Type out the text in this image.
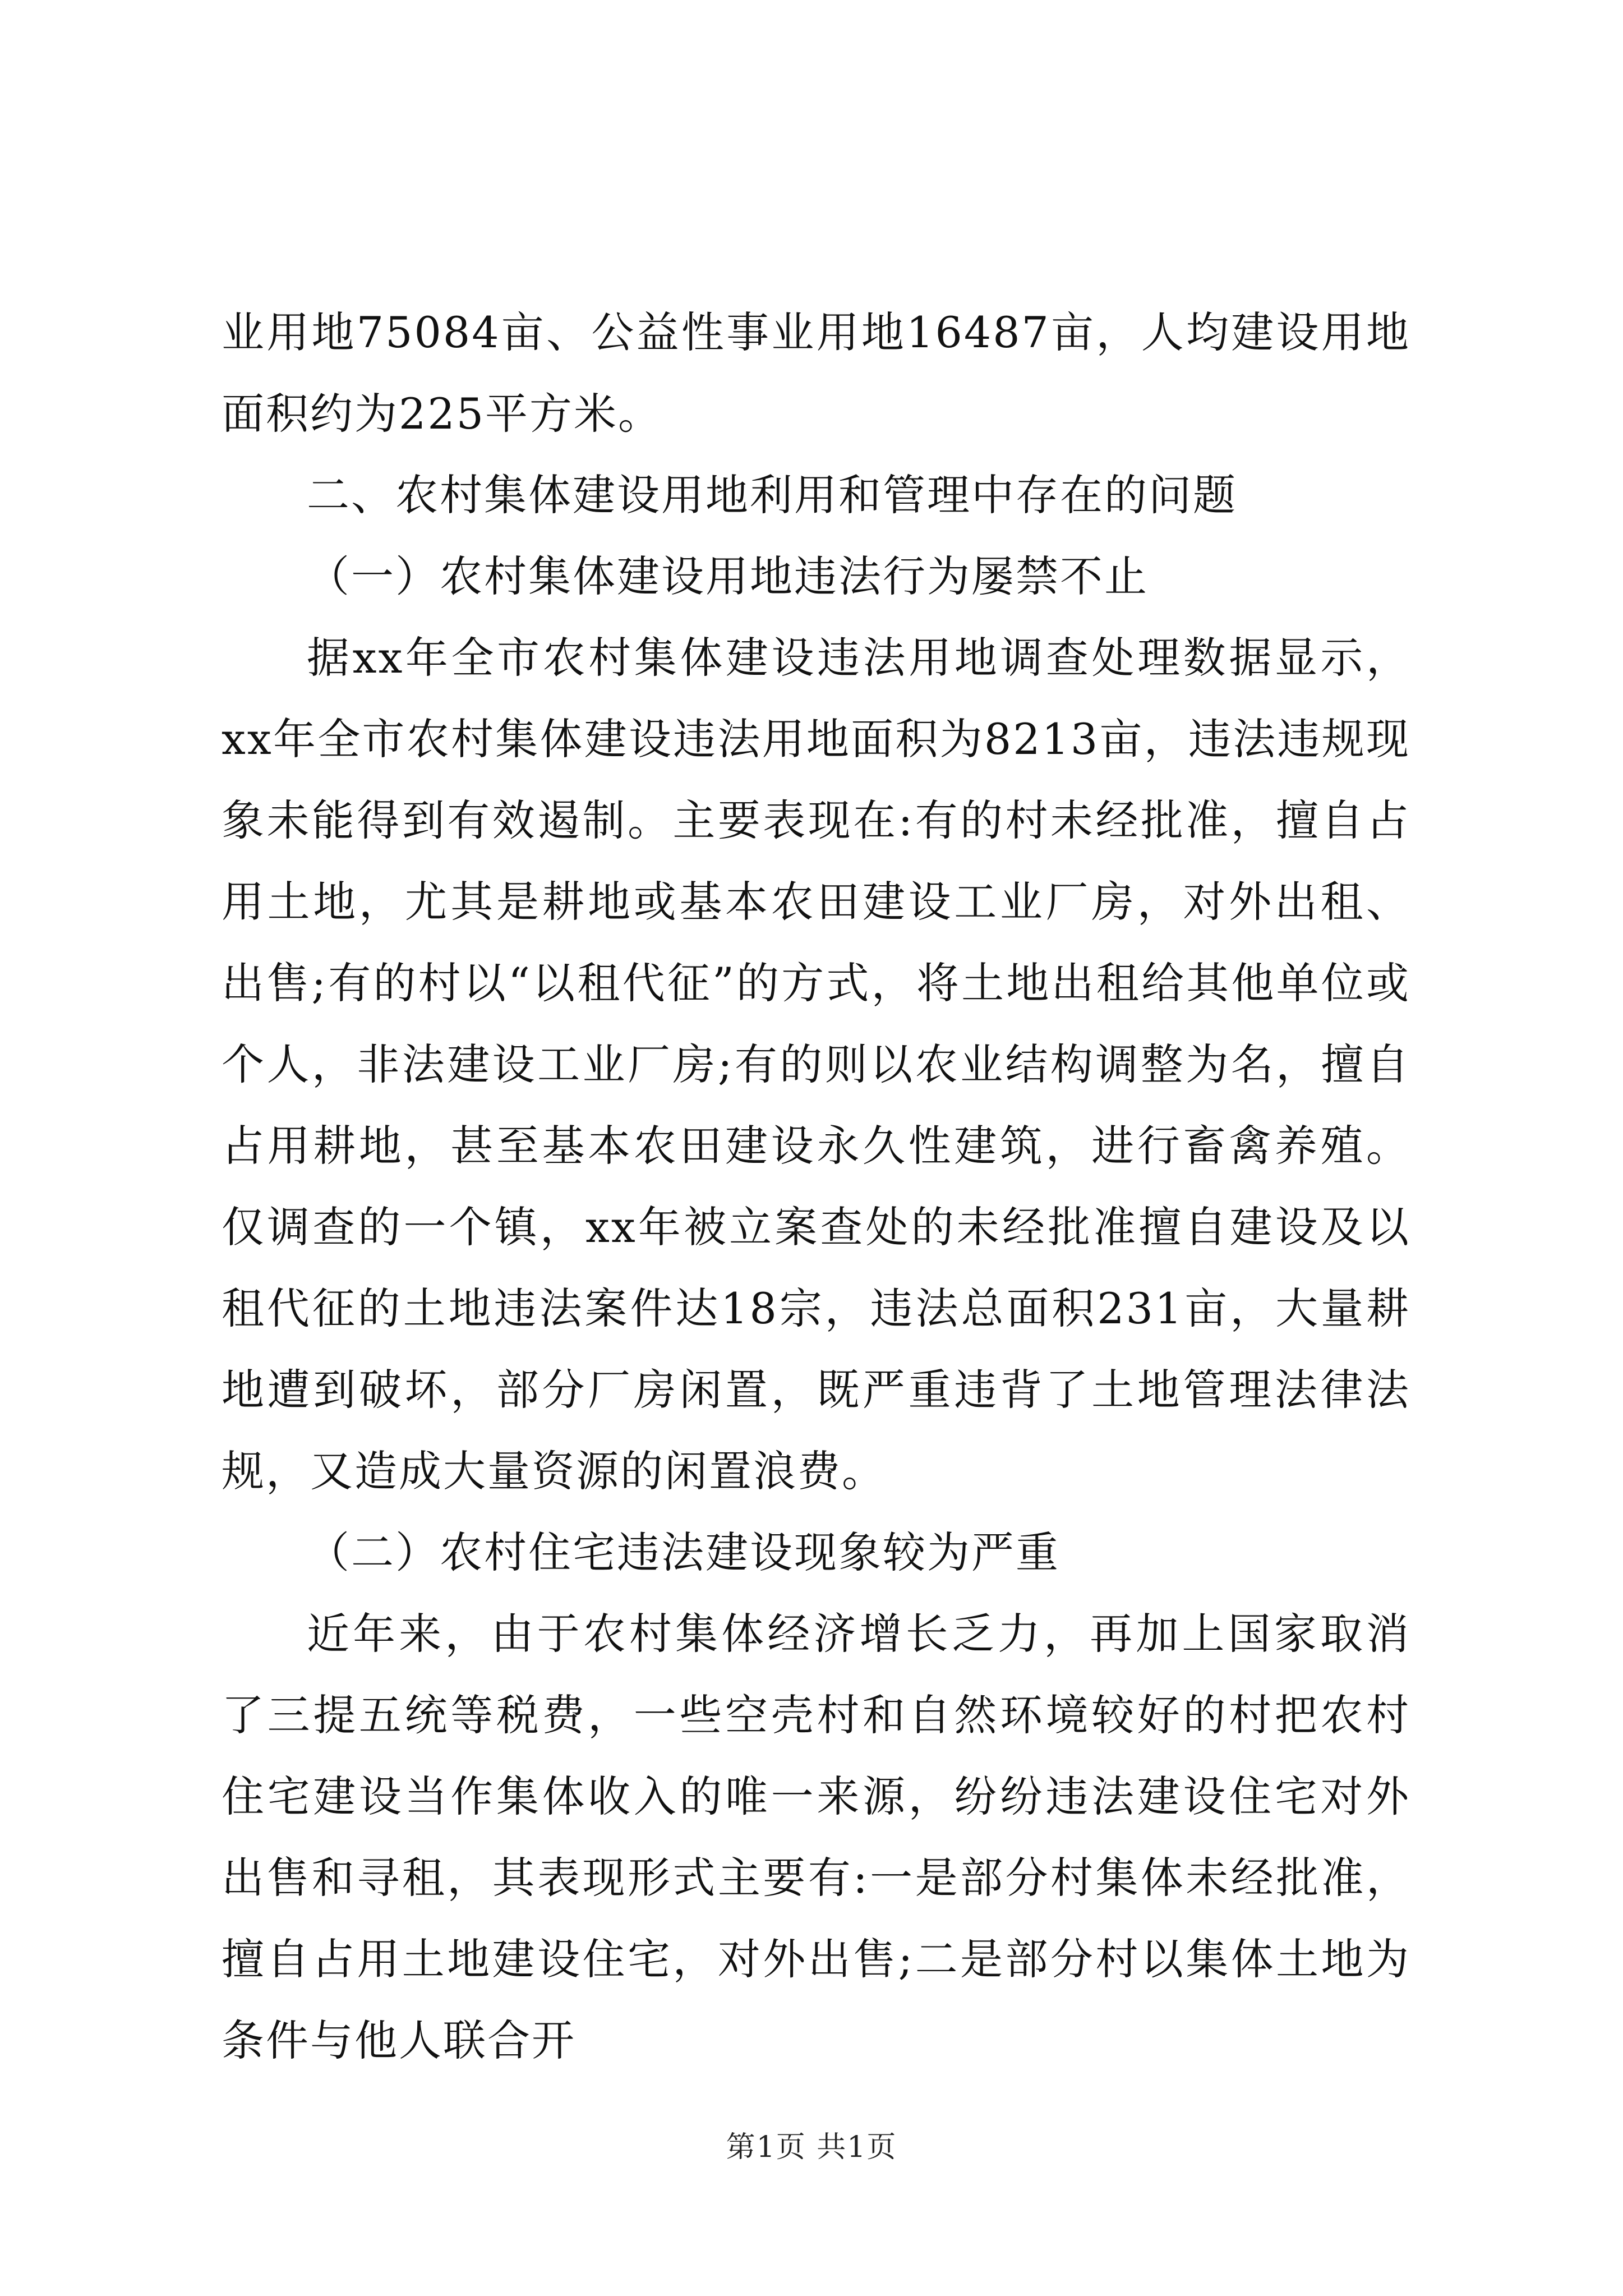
业用地75084亩、公益性事业用地16487亩，人均建设用地面积约为225平方米。

二、农村集体建设用地利用和管理中存在的问题

（一）农村集体建设用地违法行为屡禁不止

据xx年全市农村集体建设违法用地调查处理数据显示，xx年全市农村集体建设违法用地面积为8213亩，违法违规现象未能得到有效遏制。主要表现在:有的村未经批准，擅自占用土地，尤其是耕地或基本农田建设工业厂房，对外出租、出售;有的村以“以租代征”的方式，将土地出租给其他单位或个人，非法建设工业厂房;有的则以农业结构调整为名，擅自占用耕地，甚至基本农田建设永久性建筑，进行畜禽养殖。仅调查的一个镇，xx年被立案查处的未经批准擅自建设及以租代征的土地违法案件达18宗，违法总面积231亩，大量耕地遭到破坏，部分厂房闲置，既严重违背了土地管理法律法规，又造成大量资源的闲置浪费。

（二）农村住宅违法建设现象较为严重

近年来，由于农村集体经济增长乏力，再加上国家取消了三提五统等税费，一些空壳村和自然环境较好的村把农村住宅建设当作集体收入的唯一来源，纷纷违法建设住宅对外出售和寻租，其表现形式主要有:一是部分村集体未经批准，擅自占用土地建设住宅，对外出售;二是部分村以集体土地为条件与他人联合开

第1页 共1页
